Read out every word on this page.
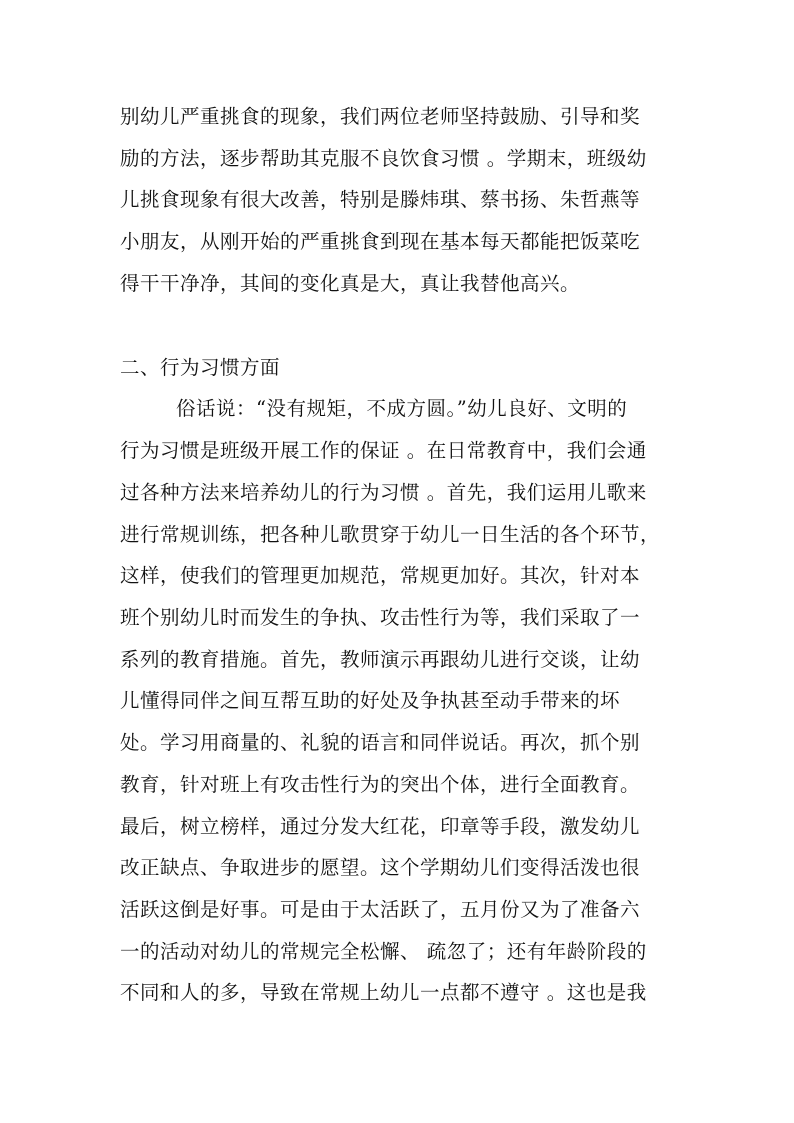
别幼儿严重挑食的现象，我们两位老师坚持鼓励、引导和奖
励的方法，逐步帮助其克服不良饮食习惯 。学期末，班级幼
儿挑食现象有很大改善，特别是滕炜琪、蔡书扬、朱哲燕等
小朋友，从刚开始的严重挑食到现在基本每天都能把饭菜吃
得干干净净，其间的变化真是大，真让我替他高兴。
二、行为习惯方面
俗话说：“没有规矩，不成方圆。”幼儿良好、文明的
行为习惯是班级开展工作的保证 。在日常教育中，我们会通
过各种方法来培养幼儿的行为习惯 。首先，我们运用儿歌来
进行常规训练，把各种儿歌贯穿于幼儿一日生活的各个环节，
这样，使我们的管理更加规范，常规更加好。其次，针对本
班个别幼儿时而发生的争执、攻击性行为等，我们采取了一
系列的教育措施。首先，教师演示再跟幼儿进行交谈，让幼
儿懂得同伴之间互帮互助的好处及争执甚至动手带来的坏
处。学习用商量的、礼貌的语言和同伴说话。再次，抓个别
教育，针对班上有攻击性行为的突出个体，进行全面教育。
最后，树立榜样，通过分发大红花，印章等手段，激发幼儿
改正缺点、争取进步的愿望。这个学期幼儿们变得活泼也很
活跃这倒是好事。可是由于太活跃了，五月份又为了准备六
一的活动对幼儿的常规完全松懈、 疏忽了；还有年龄阶段的
不同和人的多，导致在常规上幼儿一点都不遵守 。这也是我
